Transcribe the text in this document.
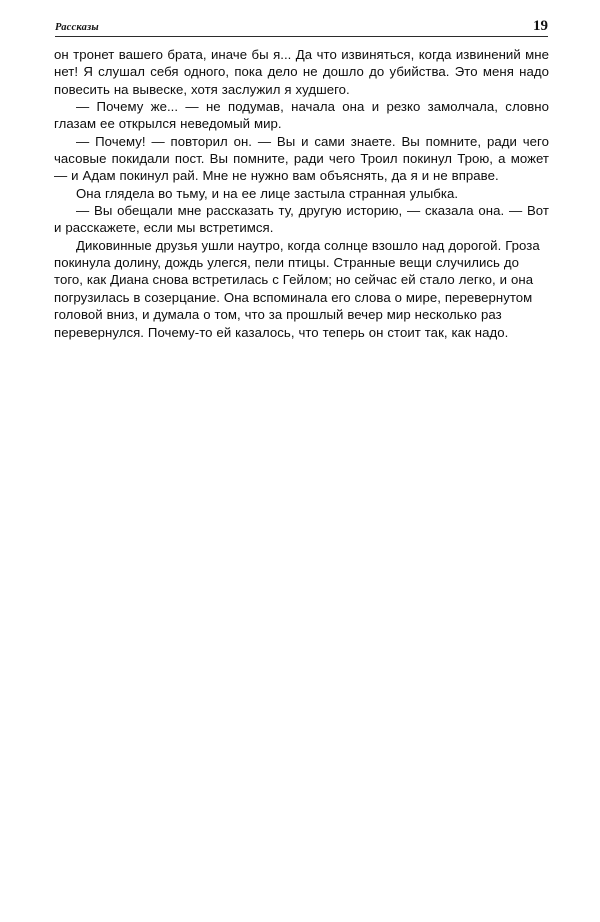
Рассказы	19

он тронет вашего брата, иначе бы я... Да что извиняться, когда извинений мне нет! Я слушал себя одного, пока дело не дошло до убийства. Это меня надо повесить на вывеске, хотя заслужил я худшего.

— Почему же... — не подумав, начала она и резко замолчала, словно глазам ее открылся неведомый мир.

— Почему! — повторил он. — Вы и сами знаете. Вы помните, ради чего часовые покидали пост. Вы помните, ради чего Троил покинул Трою, а может — и Адам покинул рай. Мне не нужно вам объяснять, да я и не вправе.

Она глядела во тьму, и на ее лице застыла странная улыбка.

— Вы обещали мне рассказать ту, другую историю, — сказала она. — Вот и расскажете, если мы встретимся.

Диковинные друзья ушли наутро, когда солнце взошло над дорогой. Гроза покинула долину, дождь улегся, пели птицы. Странные вещи случились до того, как Диана снова встретилась с Гейлом; но сейчас ей стало легко, и она погрузилась в созерцание. Она вспоминала его слова о мире, перевернутом головой вниз, и думала о том, что за прошлый вечер мир несколько раз перевернулся. Почему-то ей казалось, что теперь он стоит так, как надо.
